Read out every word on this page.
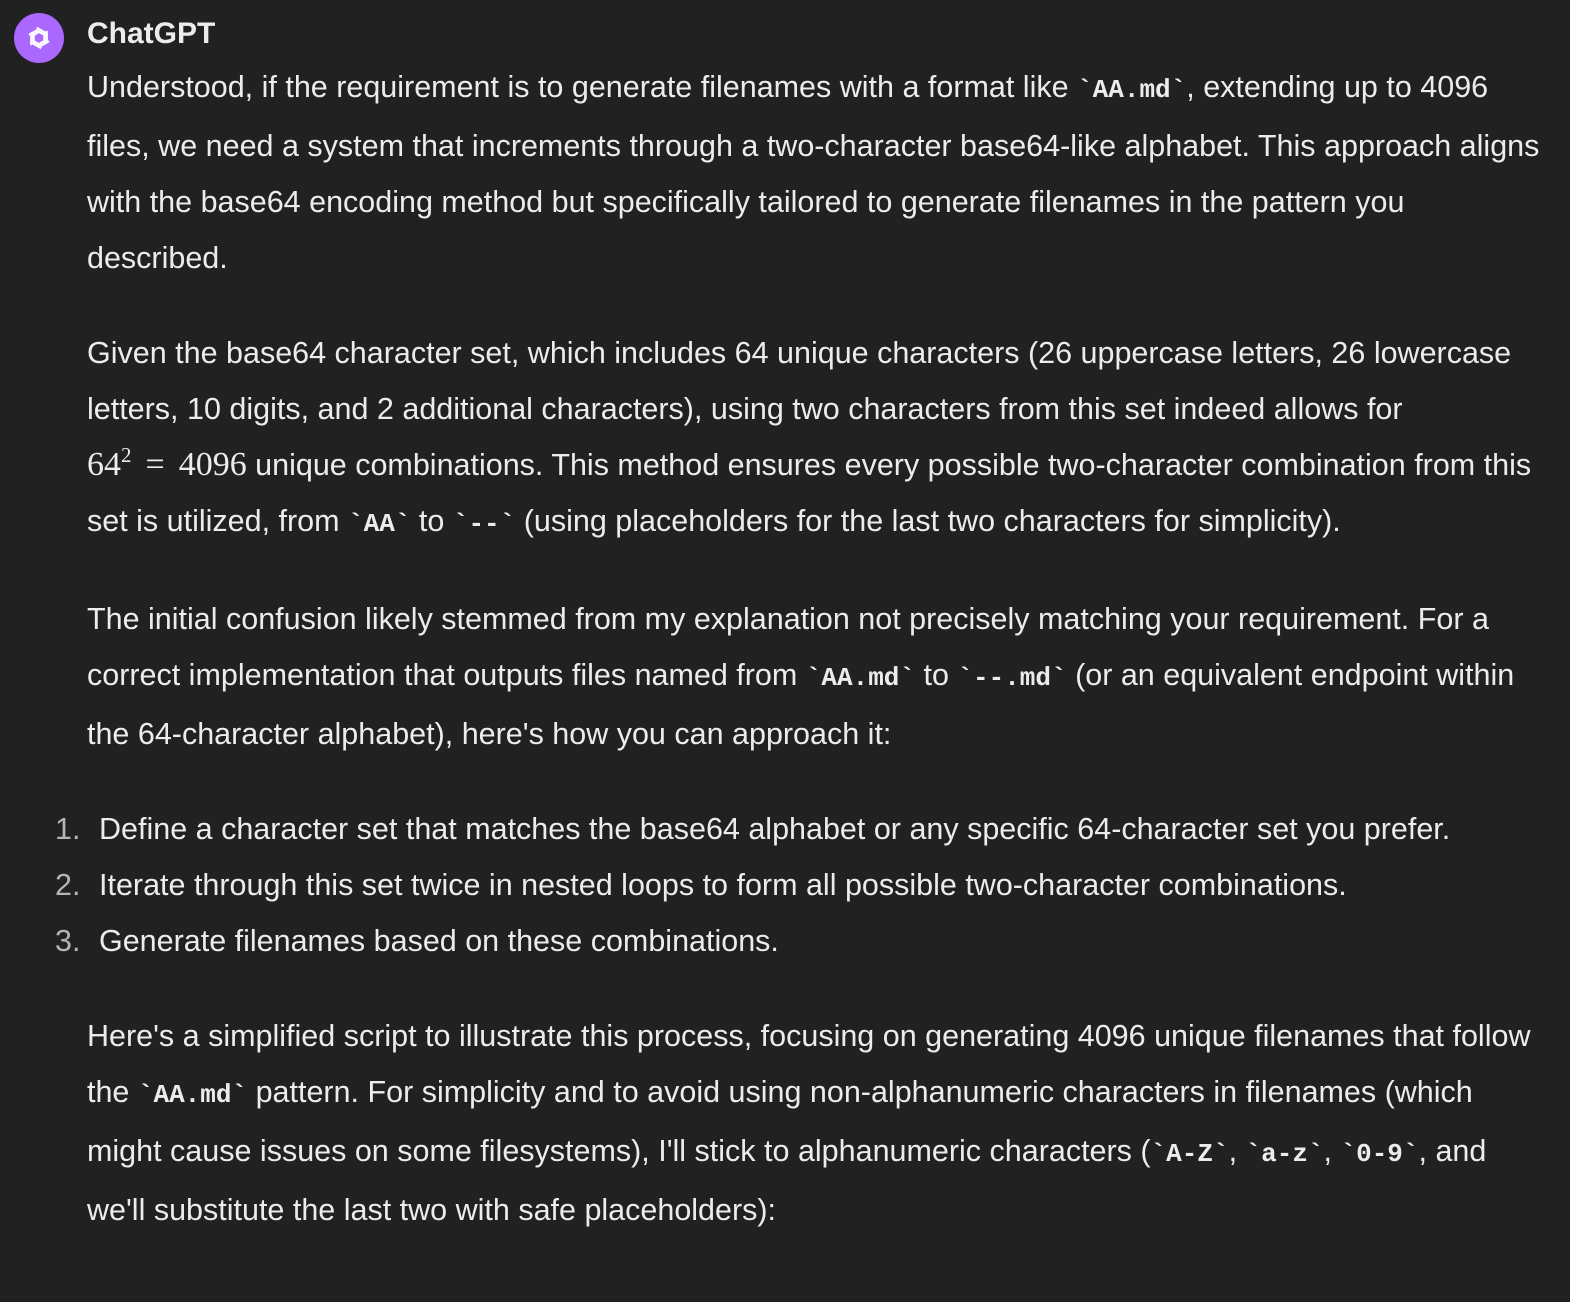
ChatGPT

Understood, if the requirement is to generate filenames with a format like `AA.md`, extending up to 4096 files, we need a system that increments through a two-character base64-like alphabet. This approach aligns with the base64 encoding method but specifically tailored to generate filenames in the pattern you described.

Given the base64 character set, which includes 64 unique characters (26 uppercase letters, 26 lowercase letters, 10 digits, and 2 additional characters), using two characters from this set indeed allows for $64^2 = 4096$ unique combinations. This method ensures every possible two-character combination from this set is utilized, from `AA` to `--` (using placeholders for the last two characters for simplicity).

The initial confusion likely stemmed from my explanation not precisely matching your requirement. For a correct implementation that outputs files named from `AA.md` to `--.md` (or an equivalent endpoint within the 64-character alphabet), here's how you can approach it:

1. Define a character set that matches the base64 alphabet or any specific 64-character set you prefer.
2. Iterate through this set twice in nested loops to form all possible two-character combinations.
3. Generate filenames based on these combinations.

Here's a simplified script to illustrate this process, focusing on generating 4096 unique filenames that follow the `AA.md` pattern. For simplicity and to avoid using non-alphanumeric characters in filenames (which might cause issues on some filesystems), I'll stick to alphanumeric characters (`A-Z`, `a-z`, `0-9`, and we'll substitute the last two with safe placeholders):
